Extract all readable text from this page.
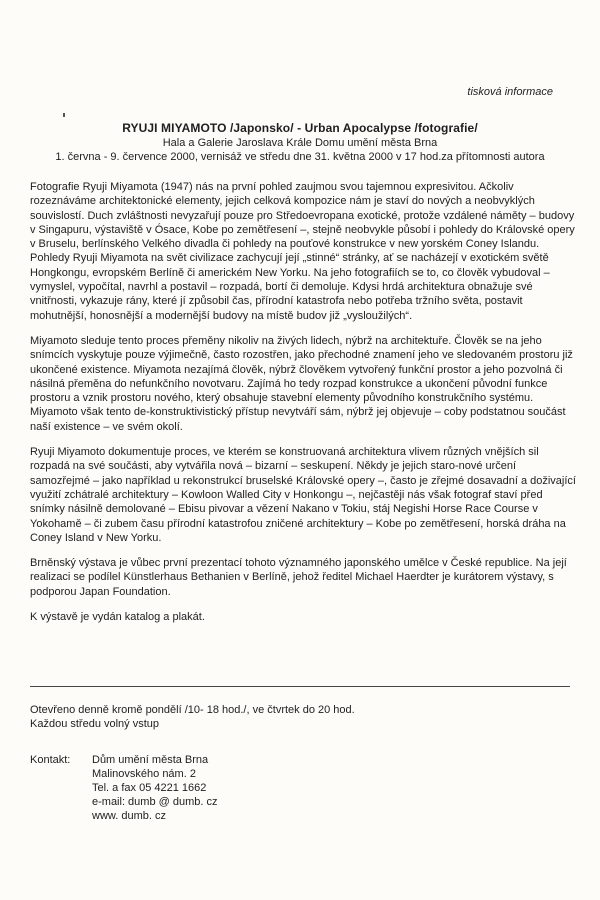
tisková informace
RYUJI MIYAMOTO /Japonsko/ - Urban Apocalypse /fotografie/
Hala a Galerie Jaroslava Krále Domu umění města Brna
1. června - 9. července 2000, vernisáž ve středu dne 31. května 2000 v 17 hod.za přítomnosti autora

Fotografie Ryuji Miyamota (1947) nás na první pohled zaujmou svou tajemnou expresivitou. Ačkoliv rozeznáváme architektonické elementy, jejich celková kompozice nám je staví do nových a neobvyklých souvislostí. Duch zvláštnosti nevyzařují pouze pro Středoevropana exotické, protože vzdálené náměty – budovy v Singapuru, výstaviště v Ósace, Kobe po zemětřesení –, stejně neobvykle působí i pohledy do Královské opery v Bruselu, berlínského Velkého divadla či pohledy na pouťové konstrukce v new yorském Coney Islandu. Pohledy Ryuji Miyamota na svět civilizace zachycují její „stinné“ stránky, ať se nacházejí v exotickém světě Hongkongu, evropském Berlíně či americkém New Yorku. Na jeho fotografiích se to, co člověk vybudoval – vymyslel, vypočítal, navrhl a postavil – rozpadá, bortí či demoluje. Kdysi hrdá architektura obnažuje své vnitřnosti, vykazuje rány, které jí způsobil čas, přírodní katastrofa nebo potřeba tržního světa, postavit mohutnější, honosnější a modernější budovy na místě budov již „vysloužilých“.

Miyamoto sleduje tento proces přeměny nikoliv na živých lidech, nýbrž na architektuře. Člověk se na jeho snímcích vyskytuje pouze výjimečně, často rozostřen, jako přechodné znamení jeho ve sledovaném prostoru již ukončené existence. Miyamota nezajímá člověk, nýbrž člověkem vytvořený funkční prostor a jeho pozvolná či násilná přeměna do nefunkčního novotvaru. Zajímá ho tedy rozpad konstrukce a ukončení původní funkce prostoru a vznik prostoru nového, který obsahuje stavební elementy původního konstrukčního systému. Miyamoto však tento de-konstruktivistický přístup nevytváří sám, nýbrž jej objevuje – coby podstatnou součást naší existence – ve svém okolí.

Ryuji Miyamoto dokumentuje proces, ve kterém se konstruovaná architektura vlivem různých vnějších sil rozpadá na své součásti, aby vytvářila nová – bizarní – seskupení. Někdy je jejich staro-nové určení samozřejmé – jako například u rekonstrukcí bruselské Královské opery –, často je zřejmé dosavadní a doživající využití zchátralé architektury – Kowloon Walled City v Honkongu –, nejčastěji nás však fotograf staví před snímky násilně demolované – Ebisu pivovar a vězení Nakano v Tokiu, stáj Negishi Horse Race Course v Yokohamě – či zubem času přírodní katastrofou zničené architektury – Kobe po zemětřesení, horská dráha na Coney Island v New Yorku.

Brněnský výstava je vůbec první prezentací tohoto významného japonského umělce v České republice. Na její realizaci se podílel Künstlerhaus Bethanien v Berlíně, jehož ředitel Michael Haerdter je kurátorem výstavy, s podporou Japan Foundation.

K výstavě je vydán katalog a plakát.

Otevřeno denně kromě pondělí /10- 18 hod./, ve čtvrtek do 20 hod.
Každou středu volný vstup
Kontakt:	Dům umění města Brna
Malinovského nám. 2
Tel. a fax 05 4221 1662
e-mail: dumb @ dumb. cz
www. dumb. cz
